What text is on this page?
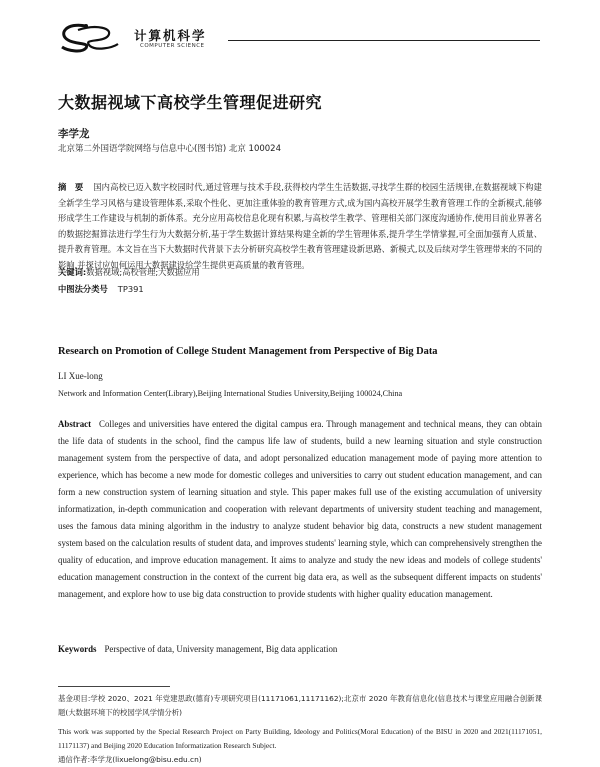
计算机科学
COMPUTER SCIENCE
大数据视域下高校学生管理促进研究
李学龙
北京第二外国语学院网络与信息中心(图书馆) 北京 100024
摘　要 国内高校已迈入数字校园时代,通过管理与技术手段,获得校内学生生活数据,寻找学生群的校园生活规律,在数据视域下构建全新学生学习风格与建设管理体系,采取个性化、更加注重体验的教育管理方式,成为国内高校开展学生教育管理工作的全新模式,能够形成学生工作建设与机制的新体系。充分应用高校信息化现有积累,与高校学生教学、管理相关部门深度沟通协作,使用目前业界著名的数据挖掘算法进行学生行为大数据分析,基于学生数据计算结果构建全新的学生管理体系,提升学生学情掌握,可全面加强育人质量、提升教育管理。本文旨在当下大数据时代背景下去分析研究高校学生教育管理建设新思路、新模式,以及后续对学生管理带来的不同的影响,并探讨应如何运用大数据建设给学生提供更高质量的教育管理。
关键词:数据视域;高校管理;大数据应用
中图法分类号 TP391
Research on Promotion of College Student Management from Perspective of Big Data
LI Xue-long
Network and Information Center(Library),Beijing International Studies University,Beijing 100024,China
Abstract Colleges and universities have entered the digital campus era. Through management and technical means, they can obtain the life data of students in the school, find the campus life law of students, build a new learning situation and style construction management system from the perspective of data, and adopt personalized education management mode of paying more attention to experience, which has become a new mode for domestic colleges and universities to carry out student education management, and can form a new construction system of learning situation and style. This paper makes full use of the existing accumulation of university informatization, in-depth communication and cooperation with relevant departments of university student teaching and management, uses the famous data mining algorithm in the industry to analyze student behavior big data, constructs a new student management system based on the calculation results of student data, and improves students' learning style, which can comprehensively strengthen the quality of education, and improve education management. It aims to analyze and study the new ideas and models of college students' education management construction in the context of the current big data era, as well as the subsequent different impacts on students' management, and explore how to use big data construction to provide students with higher quality education management.
Keywords Perspective of data, University management, Big data application
基金项目:学校 2020、2021 年党建思政(德育)专项研究项目(11171061,11171162);北京市 2020 年教育信息化(信息技术与课堂应用融合创新课题(大数据环境下的校园学风学情分析)
This work was supported by the Special Research Project on Party Building, Ideology and Politics(Moral Education) of the BISU in 2020 and 2021(11171051, 11171137) and Beijing 2020 Education Informatization Research Subject.
通信作者:李学龙(lixuelong@bisu.edu.cn)
